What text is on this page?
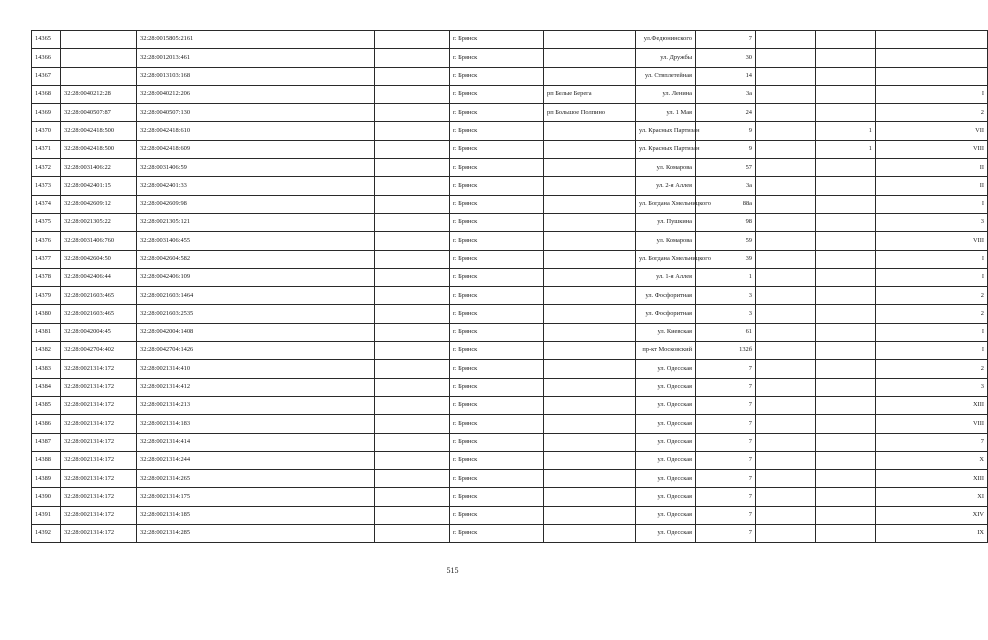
14365		32:28:0015805:2161		г. Брянск		ул.Федюнинского	7			
14366		32:28:0012013:461		г. Брянск		ул. Дружбы	30			
14367		32:28:0013103:168		г. Брянск		ул. Ствплетейная	14			
14368	32:28:0040212:28	32:28:0040212:206		г. Брянск	рп Белые Берега	ул. Ленина	3а			I
14369	32:28:0040507:87	32:28:0040507:130		г. Брянск	рп Большое Полпино	ул. 1 Мая	24			2
14370	32:28:0042418:500	32:28:0042418:610		г. Брянск		ул. Красных Партизан	9		1	VII
14371	32:28:0042418:500	32:28:0042418:609		г. Брянск		ул. Красных Партизан	9		1	VIII
14372	32:28:0031406:22	32:28:0031406:59		г. Брянск		ул. Комарова	57			II
14373	32:28:0042401:15	32:28:0042401:33		г. Брянск		ул. 2-я Аллея	3а			II
14374	32:28:0042609:12	32:28:0042609:98		г. Брянск		ул. Богдана Хмельницкого	88а			I
14375	32:28:0021305:22	32:28:0021305:121		г. Брянск		ул. Пушкина	98			3
14376	32:28:0031406:760	32:28:0031406:455		г. Брянск		ул. Комарова	59			VIII
14377	32:28:0042604:50	32:28:0042604:582		г. Брянск		ул. Богдана Хмельницкого	39			I
14378	32:28:0042406:44	32:28:0042406:109		г. Брянск		ул. 1-я Аллея	1			I
14379	32:28:0021603:465	32:28:0021603:1464		г. Брянск		ул. Фосфоритная	3			2
14380	32:28:0021603:465	32:28:0021603:2535		г. Брянск		ул. Фосфоритная	3			2
14381	32:28:0042004:45	32:28:0042004:1408		г. Брянск		ул. Киевская	61			I
14382	32:28:0042704:402	32:28:0042704:1426		г. Брянск		пр-кт Московский	132б			I
14383	32:28:0021314:172	32:28:0021314:410		г. Брянск		ул. Одесская	7			2
14384	32:28:0021314:172	32:28:0021314:412		г. Брянск		ул. Одесская	7			3
14385	32:28:0021314:172	32:28:0021314:213		г. Брянск		ул. Одесская	7			XIII
14386	32:28:0021314:172	32:28:0021314:183		г. Брянск		ул. Одесская	7			VIII
14387	32:28:0021314:172	32:28:0021314:414		г. Брянск		ул. Одесская	7			7
14388	32:28:0021314:172	32:28:0021314:244		г. Брянск		ул. Одесская	7			X
14389	32:28:0021314:172	32:28:0021314:265		г. Брянск		ул. Одесская	7			XIII
14390	32:28:0021314:172	32:28:0021314:175		г. Брянск		ул. Одесская	7			XI
14391	32:28:0021314:172	32:28:0021314:185		г. Брянск		ул. Одесская	7			XIV
14392	32:28:0021314:172	32:28:0021314:285		г. Брянск		ул. Одесская	7			IX
515
